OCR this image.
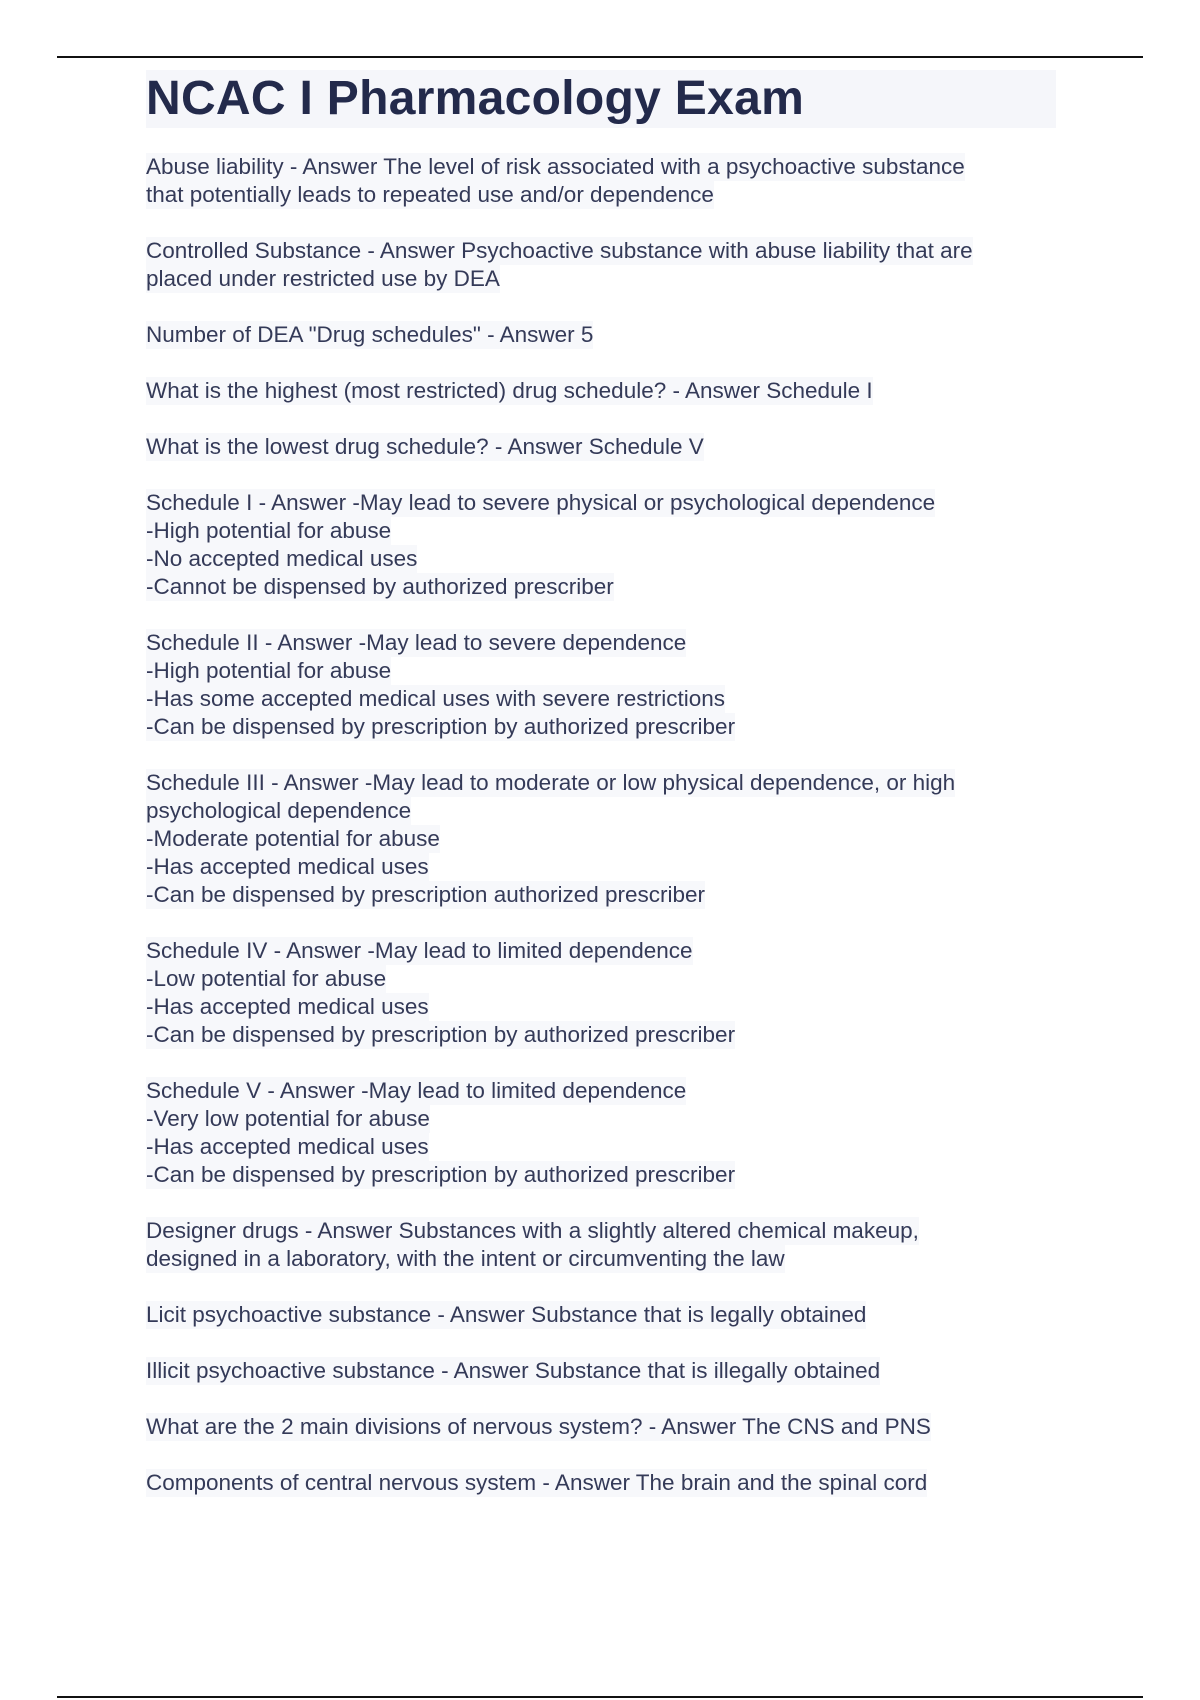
NCAC I Pharmacology Exam
Abuse liability - Answer The level of risk associated with a psychoactive substance
that potentially leads to repeated use and/or dependence
Controlled Substance - Answer Psychoactive substance with abuse liability that are
placed under restricted use by DEA
Number of DEA "Drug schedules" - Answer 5
What is the highest (most restricted) drug schedule? - Answer Schedule I
What is the lowest drug schedule? - Answer Schedule V
Schedule I - Answer -May lead to severe physical or psychological dependence
-High potential for abuse
-No accepted medical uses
-Cannot be dispensed by authorized prescriber
Schedule II - Answer -May lead to severe dependence
-High potential for abuse
-Has some accepted medical uses with severe restrictions
-Can be dispensed by prescription by authorized prescriber
Schedule III - Answer -May lead to moderate or low physical dependence, or high
psychological dependence
-Moderate potential for abuse
-Has accepted medical uses
-Can be dispensed by prescription authorized prescriber
Schedule IV - Answer -May lead to limited dependence
-Low potential for abuse
-Has accepted medical uses
-Can be dispensed by prescription by authorized prescriber
Schedule V - Answer -May lead to limited dependence
-Very low potential for abuse
-Has accepted medical uses
-Can be dispensed by prescription by authorized prescriber
Designer drugs - Answer Substances with a slightly altered chemical makeup,
designed in a laboratory, with the intent or circumventing the law
Licit psychoactive substance - Answer Substance that is legally obtained
Illicit psychoactive substance - Answer Substance that is illegally obtained
What are the 2 main divisions of nervous system? - Answer The CNS and PNS
Components of central nervous system - Answer The brain and the spinal cord
